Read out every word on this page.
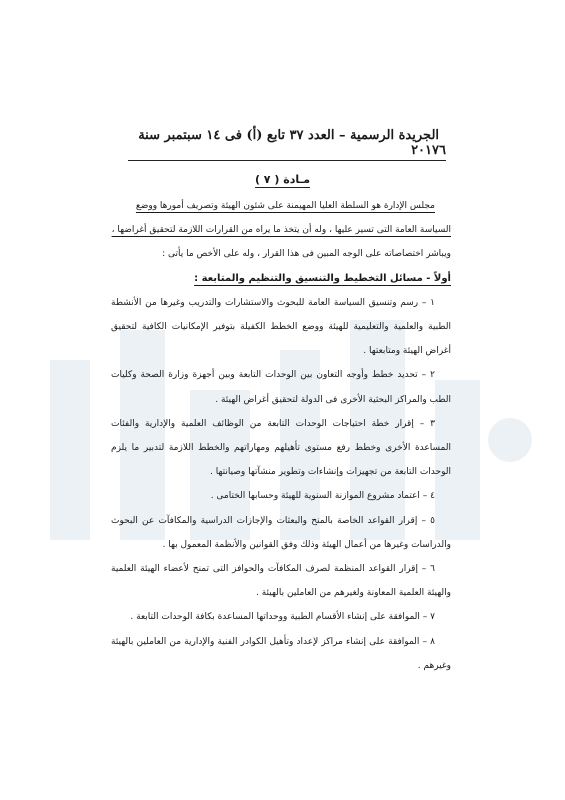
٦
الجريدة الرسمية – العدد ٣٧ تابع (أ) فى ١٤ سبتمبر سنة ٢٠١٧
مـادة ( ٧ )

مجلس الإدارة هو السلطة العليا المهيمنة على شئون الهيئة وتصريف أمورها ووضع

السياسة العامة التى تسير عليها ، وله أن يتخذ ما يراه من القرارات اللازمة لتحقيق أغراضها ،

ويباشر اختصاصاته على الوجه المبين فى هذا القرار ، وله على الأخص ما يأتى :

أولاً - مسائل التخطيط والتنسيق والتنظيم والمتابعة :

١ – رسم وتنسيق السياسة العامة للبحوث والاستشارات والتدريب وغيرها من الأنشطة الطبية والعلمية والتعليمية للهيئة ووضع الخطط الكفيلة بتوفير الإمكانيات الكافية لتحقيق أغراض الهيئة ومتابعتها .

٢ – تحديد خطط وأوجه التعاون بين الوحدات التابعة وبين أجهزة وزارة الصحة وكليات الطب والمراكز البحثية الأخرى فى الدولة لتحقيق أغراض الهيئة .

٣ – إقرار خطة احتياجات الوحدات التابعة من الوظائف العلمية والإدارية والفئات المساعدة الأخرى وخطط رفع مستوى تأهيلهم ومهاراتهم والخطط اللازمة لتدبير ما يلزم الوحدات التابعة من تجهيزات وإنشاءات وتطوير منشآتها وصيانتها .

٤ – اعتماد مشروع الموازنة السنوية للهيئة وحسابها الختامى .

٥ – إقرار القواعد الخاصة بالمنح والبعثات والإجازات الدراسية والمكافآت عن البحوث والدراسات وغيرها من أعمال الهيئة وذلك وفق القوانين والأنظمة المعمول بها .

٦ – إقرار القواعد المنظمة لصرف المكافآت والحوافز التى تمنح لأعضاء الهيئة العلمية والهيئة العلمية المعاونة ولغيرهم من العاملين بالهيئة .

٧ – الموافقة على إنشاء الأقسام الطبية ووحداتها المساعدة بكافة الوحدات التابعة .

٨ – الموافقة على إنشاء مراكز لإعداد وتأهيل الكوادر الفنية والإدارية من العاملين بالهيئة وغيرهم .
